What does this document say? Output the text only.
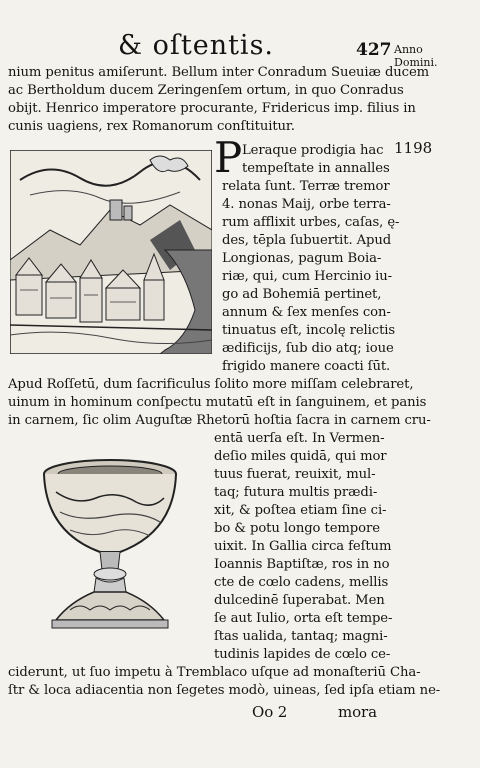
& oſtentis.	427 Anno Domini.
1198
nium penitus amiſerunt. Bellum inter Conradum Sueuiæ ducem
ac Bertholdum ducem Zeringenſem ortum, in quo Conradus
obijt. Henrico imperatore procurante, Fridericus imp. filius in
cunis uagiens, rex Romanorum conſtituitur.
P Leraque prodigia hac
tempeſtate in annalles
relata ſunt. Terræ tremor
4. nonas Maij, orbe terra-
rum afflixit urbes, caſas, ę-
des, tēpla ſubuertit. Apud
Longionas, pagum Boia-
riæ, qui, cum Hercinio iu-
go ad Bohemiā pertinet,
annum & ſex menſes con-
tinuatus eſt, incolę relictis
ædificijs, ſub dio atq; ioue
frigido manere coacti ſūt.
Apud Roſſetū, dum ſacrificulus ſolito more miſſam celebraret,
uinum in hominum conſpectu mutatū eſt in ſanguinem, et panis
in carnem, ſic olim Auguſtæ Rhetorū hoſtia ſacra in carnem cru-
entā uerſa eſt. In Vermen-
deſio miles quidā, qui mor
tuus fuerat, reuixit, mul-
taq; futura multis prædi-
xit, & poſtea etiam ſine ci-
bo & potu longo tempore
uixit. In Gallia circa feſtum
Ioannis Baptiſtæ, ros in no
cte de cœlo cadens, mellis
dulcedinē ſuperabat. Men
ſe aut Iulio, orta eſt tempe-
ſtas ualida, tantaq; magni-
tudinis lapides de cœlo ce-
ciderunt, ut ſuo impetu à Tremblaco uſque ad monaſteriū Cha-
ſtr & loca adiacentia non ſegetes modò, uineas, ſed ipſa etiam ne-
Oo 2	mora
